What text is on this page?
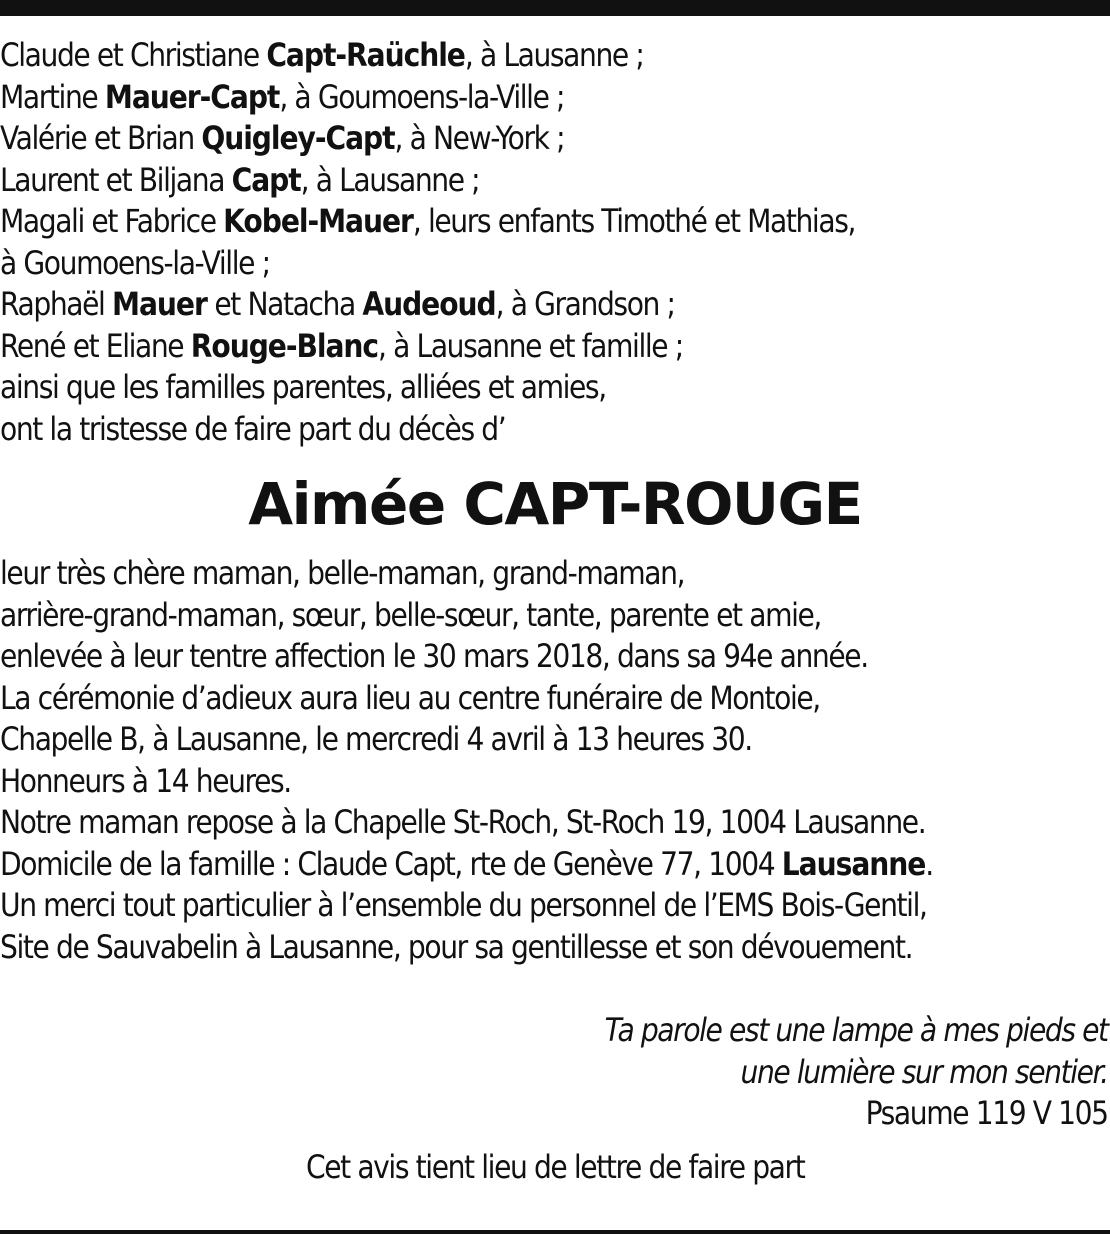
Claude et Christiane Capt-Raüchle, à Lausanne ;
Martine Mauer-Capt, à Goumoens-la-Ville ;
Valérie et Brian Quigley-Capt, à New-York ;
Laurent et Biljana Capt, à Lausanne ;
Magali et Fabrice Kobel-Mauer, leurs enfants Timothé et Mathias,
à Goumoens-la-Ville ;
Raphaël Mauer et Natacha Audeoud, à Grandson ;
René et Eliane Rouge-Blanc, à Lausanne et famille ;
ainsi que les familles parentes, alliées et amies,
ont la tristesse de faire part du décès d’
Aimée CAPT-ROUGE
leur très chère maman, belle-maman, grand-maman,
arrière-grand-maman, sœur, belle-sœur, tante, parente et amie,
enlevée à leur tentre affection le 30 mars 2018, dans sa 94e année.
La cérémonie d’adieux aura lieu au centre funéraire de Montoie,
Chapelle B, à Lausanne, le mercredi 4 avril à 13 heures 30.
Honneurs à 14 heures.
Notre maman repose à la Chapelle St-Roch, St-Roch 19, 1004 Lausanne.
Domicile de la famille : Claude Capt, rte de Genève 77, 1004 Lausanne.
Un merci tout particulier à l’ensemble du personnel de l’EMS Bois-Gentil,
Site de Sauvabelin à Lausanne, pour sa gentillesse et son dévouement.
Ta parole est une lampe à mes pieds et
une lumière sur mon sentier.
Psaume 119 V 105
Cet avis tient lieu de lettre de faire part
